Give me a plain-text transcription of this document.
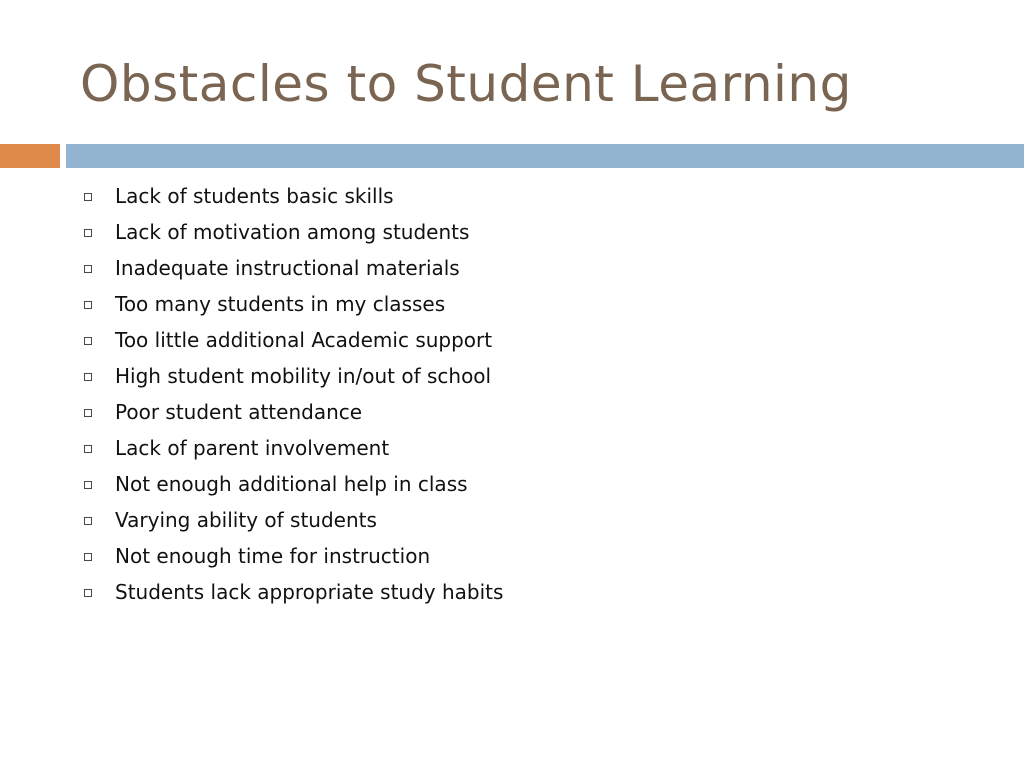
Obstacles to Student Learning
Lack of students basic skills
Lack of motivation among students
Inadequate instructional materials
Too many students in my classes
Too little additional Academic support
High student mobility in/out of school
Poor student attendance
Lack of parent involvement
Not enough additional help in class
Varying ability of students
Not enough time for instruction
Students lack appropriate study habits
